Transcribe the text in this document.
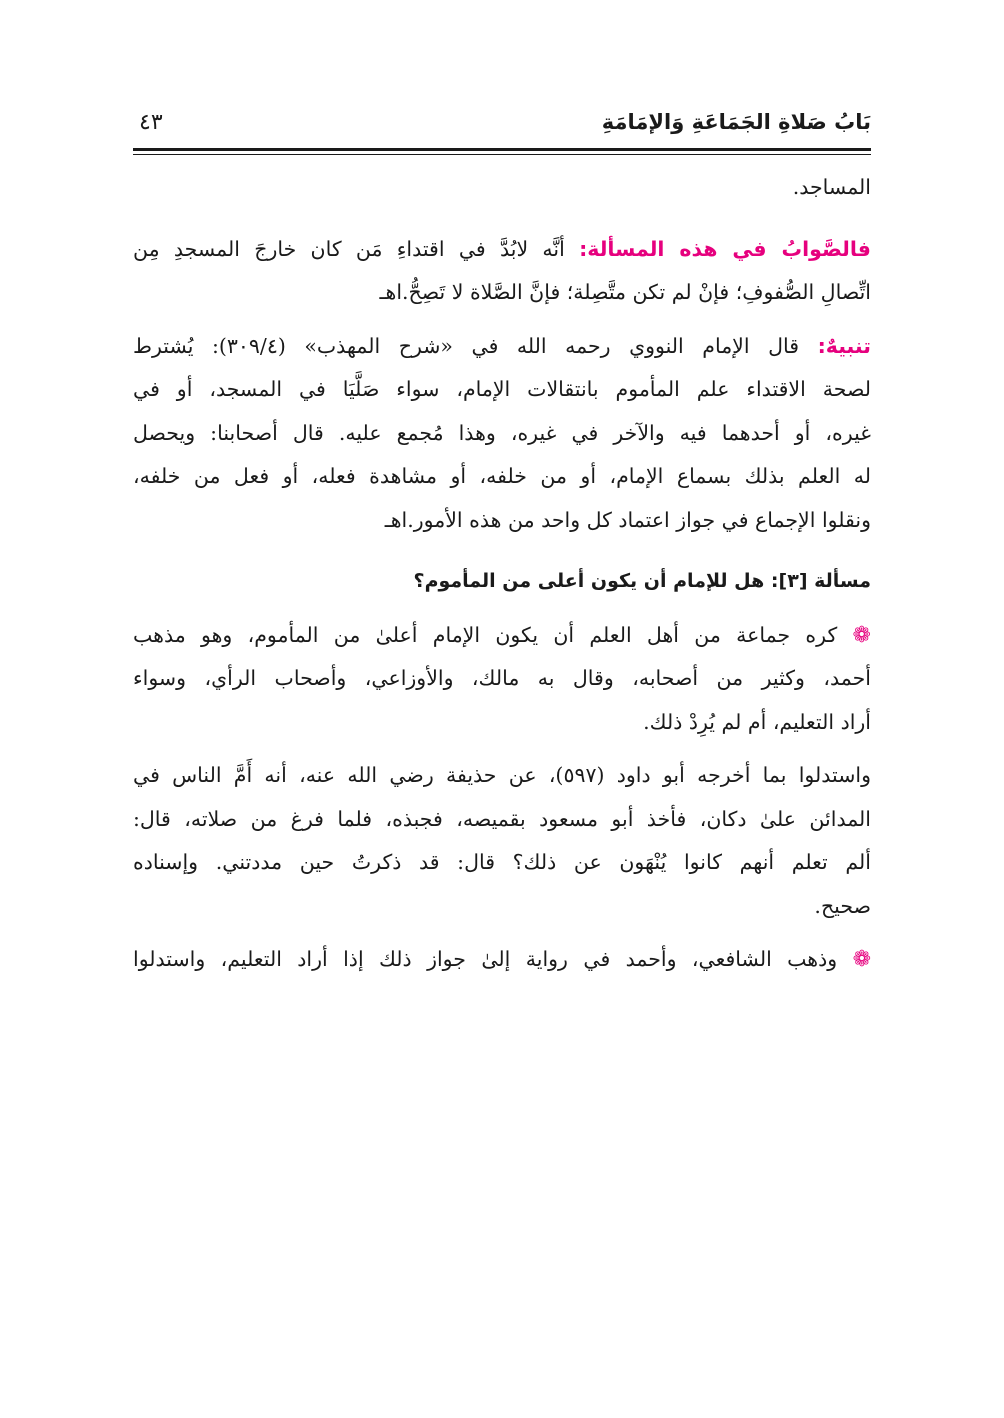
بَابُ صَلاةِ الجَمَاعَةِ وَالإمَامَةِ
٤٣
المساجد.
فالصَّوابُ في هذه المسألة: أنَّه لابُدَّ في اقتداءِ مَن كان خارجَ المسجدِ مِن
اتِّصالِ الصُّفوفِ؛ فإنْ لم تكن متَّصِلة؛ فإنَّ الصَّلاة لا تَصِحُّ.اهـ
تنبيهٌ: قال الإمام النووي رحمه الله في «شرح المهذب» (٣٠٩/٤): يُشترط
لصحة الاقتداء علم المأموم بانتقالات الإمام، سواء صَلَّيَا في المسجد، أو في
غيره، أو أحدهما فيه والآخر في غيره، وهذا مُجمع عليه. قال أصحابنا: ويحصل
له العلم بذلك بسماع الإمام، أو من خلفه، أو مشاهدة فعله، أو فعل من خلفه،
ونقلوا الإجماع في جواز اعتماد كل واحد من هذه الأمور.اهـ
مسألة [٣]: هل للإمام أن يكون أعلى من المأموم؟
❁ كره جماعة من أهل العلم أن يكون الإمام أعلىٰ من المأموم، وهو مذهب
أحمد، وكثير من أصحابه، وقال به مالك، والأوزاعي، وأصحاب الرأي، وسواء
أراد التعليم، أم لم يُرِدْ ذلك.
واستدلوا بما أخرجه أبو داود (٥٩٧)، عن حذيفة رضي الله عنه، أنه أَمَّ الناس في
المدائن علىٰ دكان، فأخذ أبو مسعود بقميصه، فجبذه، فلما فرغ من صلاته، قال:
ألم تعلم أنهم كانوا يُنْهَون عن ذلك؟ قال: قد ذكرتُ حين مددتني. وإسناده
صحيح.
❁ وذهب الشافعي، وأحمد في رواية إلىٰ جواز ذلك إذا أراد التعليم، واستدلوا
